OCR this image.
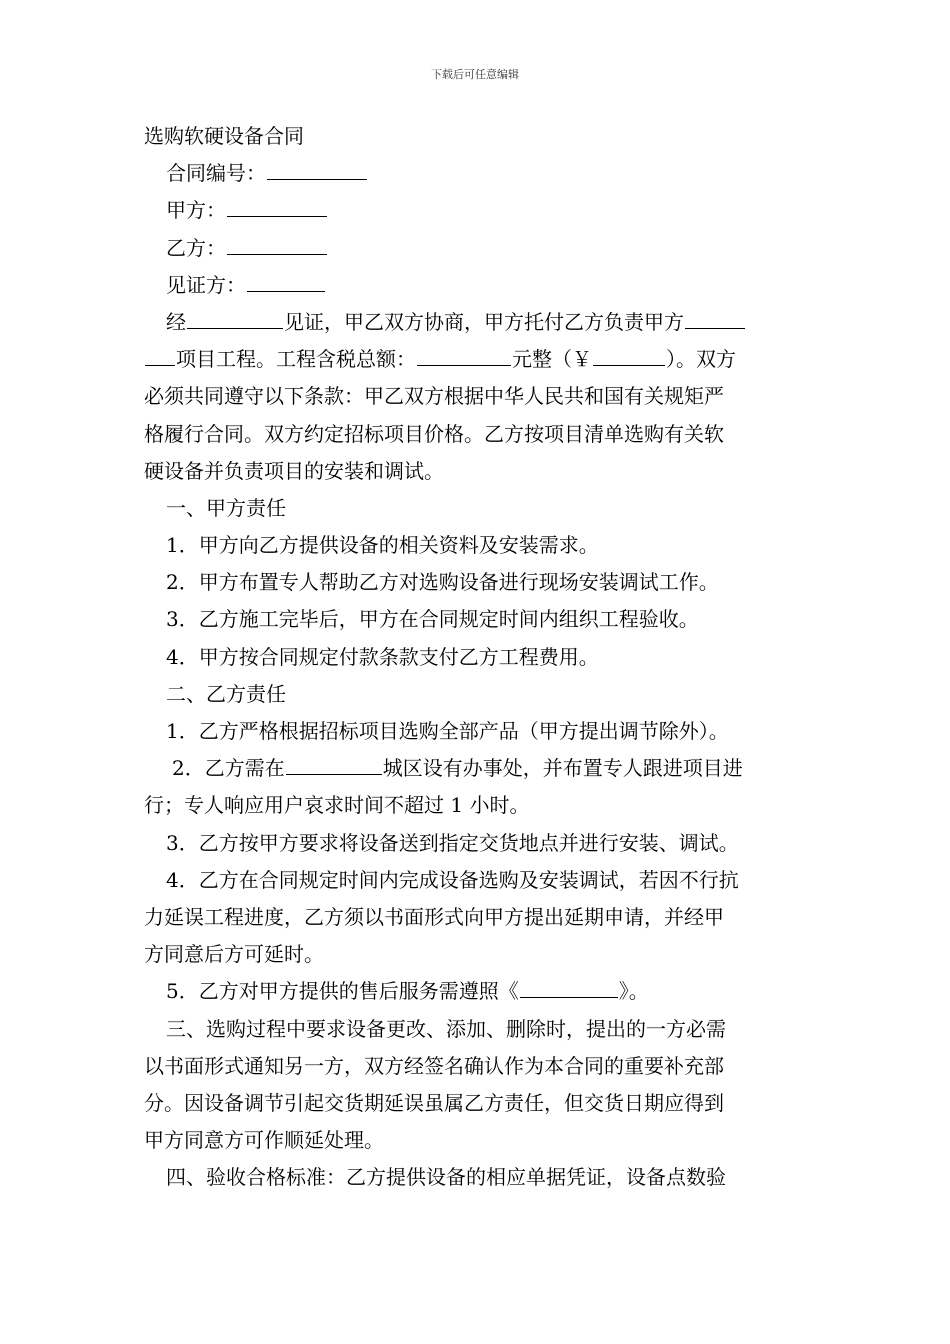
下载后可任意编辑
选购软硬设备合同
合同编号：
甲方：
乙方：
见证方：
经	见证，甲乙双方协商，甲方托付乙方负责甲方
项目工程。工程含税总额：	元整（￥	）。双方
必须共同遵守以下条款：甲乙双方根据中华人民共和国有关规矩严
格履行合同。双方约定招标项目价格。乙方按项目清单选购有关软
硬设备并负责项目的安装和调试。
一、甲方责任
1．甲方向乙方提供设备的相关资料及安装需求。
2．甲方布置专人帮助乙方对选购设备进行现场安装调试工作。
3．乙方施工完毕后，甲方在合同规定时间内组织工程验收。
4．甲方按合同规定付款条款支付乙方工程费用。
二、乙方责任
1．乙方严格根据招标项目选购全部产品（甲方提出调节除外）。
2．乙方需在	城区设有办事处，并布置专人跟进项目进
行；专人响应用户哀求时间不超过 1 小时。
3．乙方按甲方要求将设备送到指定交货地点并进行安装、调试。
4．乙方在合同规定时间内完成设备选购及安装调试，若因不行抗
力延误工程进度，乙方须以书面形式向甲方提出延期申请，并经甲
方同意后方可延时。
5．乙方对甲方提供的售后服务需遵照《	》。
三、选购过程中要求设备更改、添加、删除时，提出的一方必需
以书面形式通知另一方，双方经签名确认作为本合同的重要补充部
分。因设备调节引起交货期延误虽属乙方责任，但交货日期应得到
甲方同意方可作顺延处理。
四、验收合格标准：乙方提供设备的相应单据凭证，设备点数验
